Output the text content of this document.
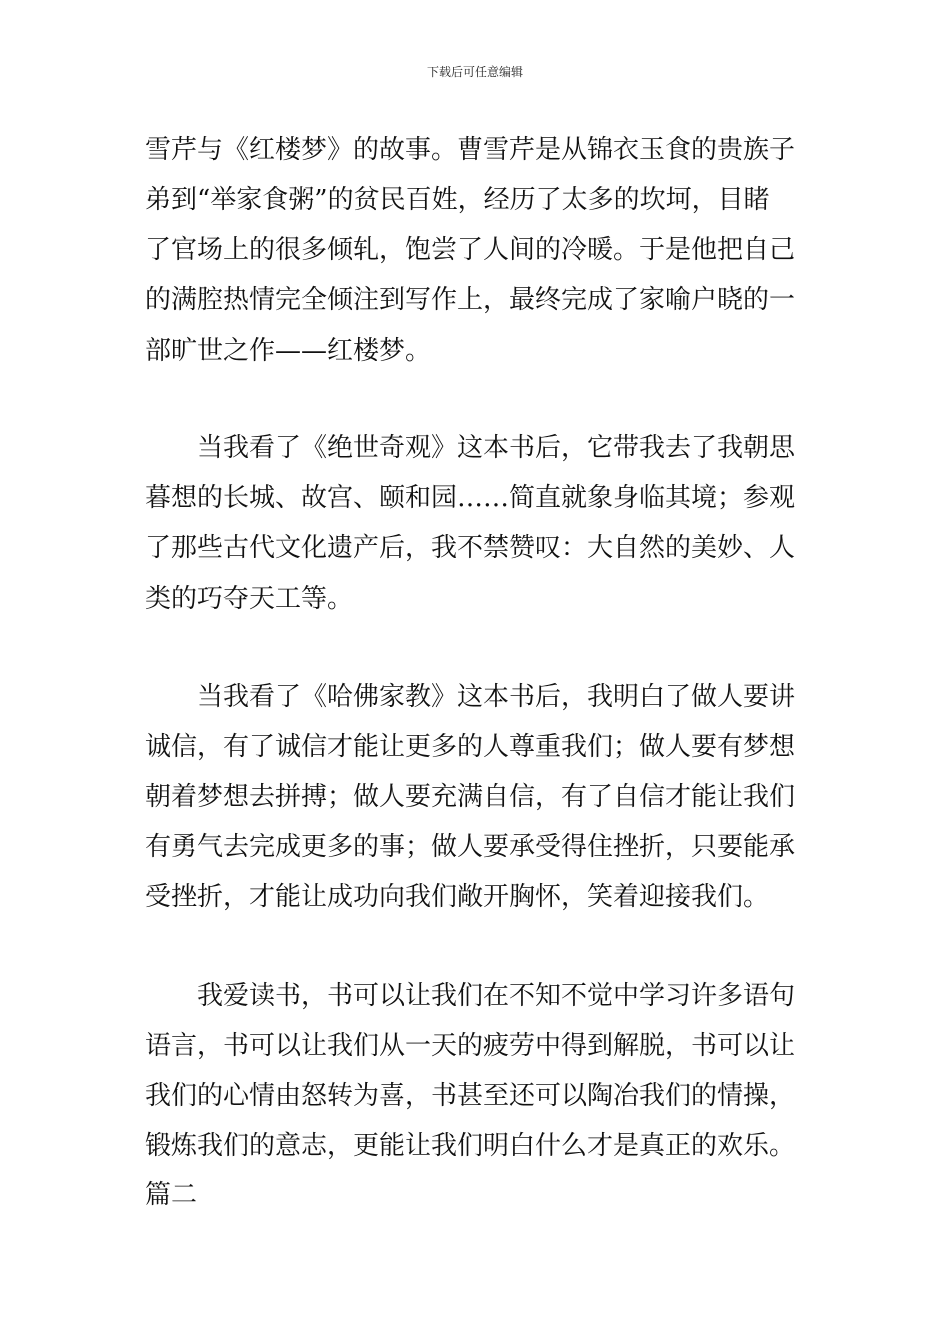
下载后可任意编辑
雪芹与《红楼梦》的故事。曹雪芹是从锦衣玉食的贵族子
弟到“举家食粥”的贫民百姓，经历了太多的坎坷，目睹
了官场上的很多倾轧，饱尝了人间的冷暖。于是他把自己
的满腔热情完全倾注到写作上，最终完成了家喻户晓的一
部旷世之作——红楼梦。
当我看了《绝世奇观》这本书后，它带我去了我朝思
暮想的长城、故宫、颐和园……简直就象身临其境；参观
了那些古代文化遗产后，我不禁赞叹：大自然的美妙、人
类的巧夺天工等。
当我看了《哈佛家教》这本书后，我明白了做人要讲
诚信，有了诚信才能让更多的人尊重我们；做人要有梦想
朝着梦想去拼搏；做人要充满自信，有了自信才能让我们
有勇气去完成更多的事；做人要承受得住挫折，只要能承
受挫折，才能让成功向我们敞开胸怀，笑着迎接我们。
我爱读书，书可以让我们在不知不觉中学习许多语句
语言，书可以让我们从一天的疲劳中得到解脱，书可以让
我们的心情由怒转为喜，书甚至还可以陶冶我们的情操，
锻炼我们的意志，更能让我们明白什么才是真正的欢乐。
篇二
